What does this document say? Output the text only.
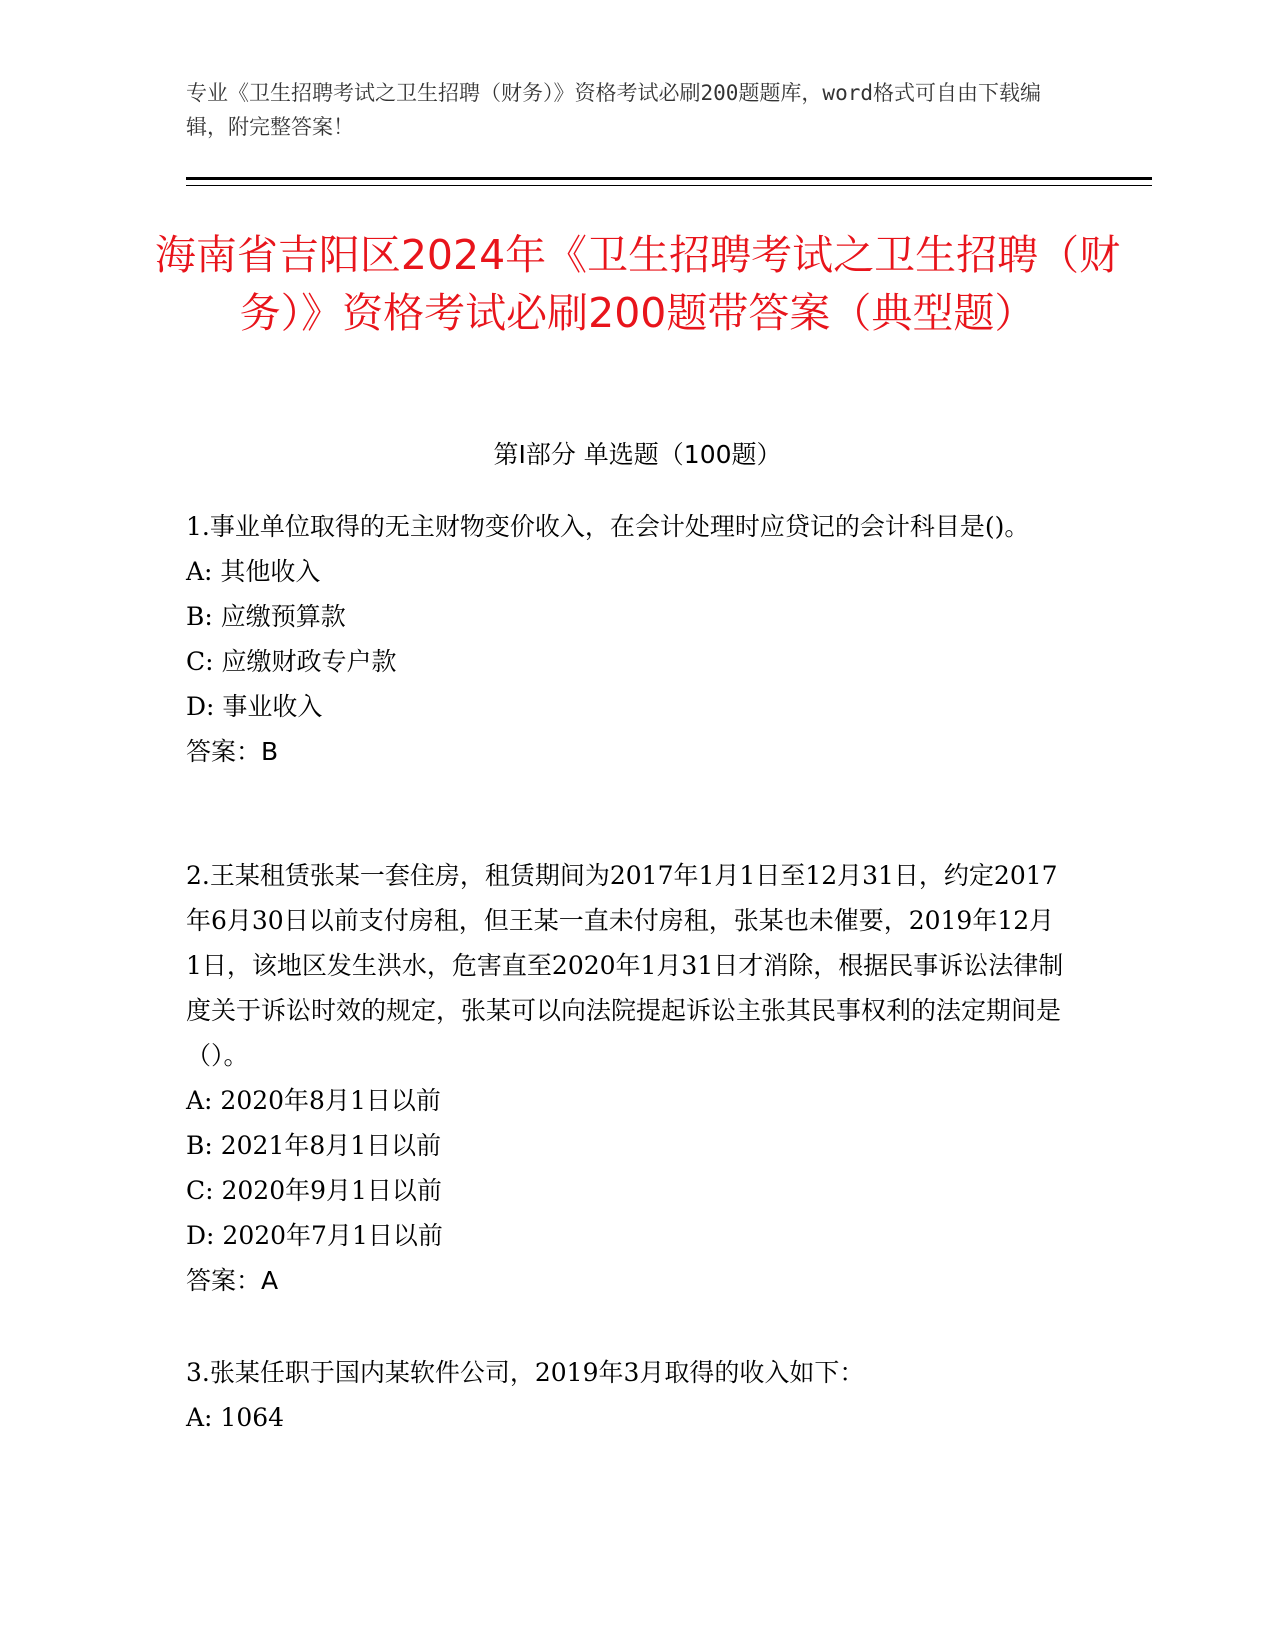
专业《卫生招聘考试之卫生招聘（财务）》资格考试必刷200题题库，word格式可自由下载编辑，附完整答案！
海南省吉阳区2024年《卫生招聘考试之卫生招聘（财务）》资格考试必刷200题带答案（典型题）
第Ⅰ部分 单选题（100题）

1.事业单位取得的无主财物变价收入，在会计处理时应贷记的会计科目是()。

A: 其他收入

B: 应缴预算款

C: 应缴财政专户款

D: 事业收入

答案：B

2.王某租赁张某一套住房，租赁期间为2017年1月1日至12月31日，约定2017年6月30日以前支付房租，但王某一直未付房租，张某也未催要，2019年12月1日，该地区发生洪水，危害直至2020年1月31日才消除，根据民事诉讼法律制度关于诉讼时效的规定，张某可以向法院提起诉讼主张其民事权利的法定期间是（）。

A: 2020年8月1日以前

B: 2021年8月1日以前

C: 2020年9月1日以前

D: 2020年7月1日以前

答案：A

3.张某任职于国内某软件公司，2019年3月取得的收入如下：

A: 1064
